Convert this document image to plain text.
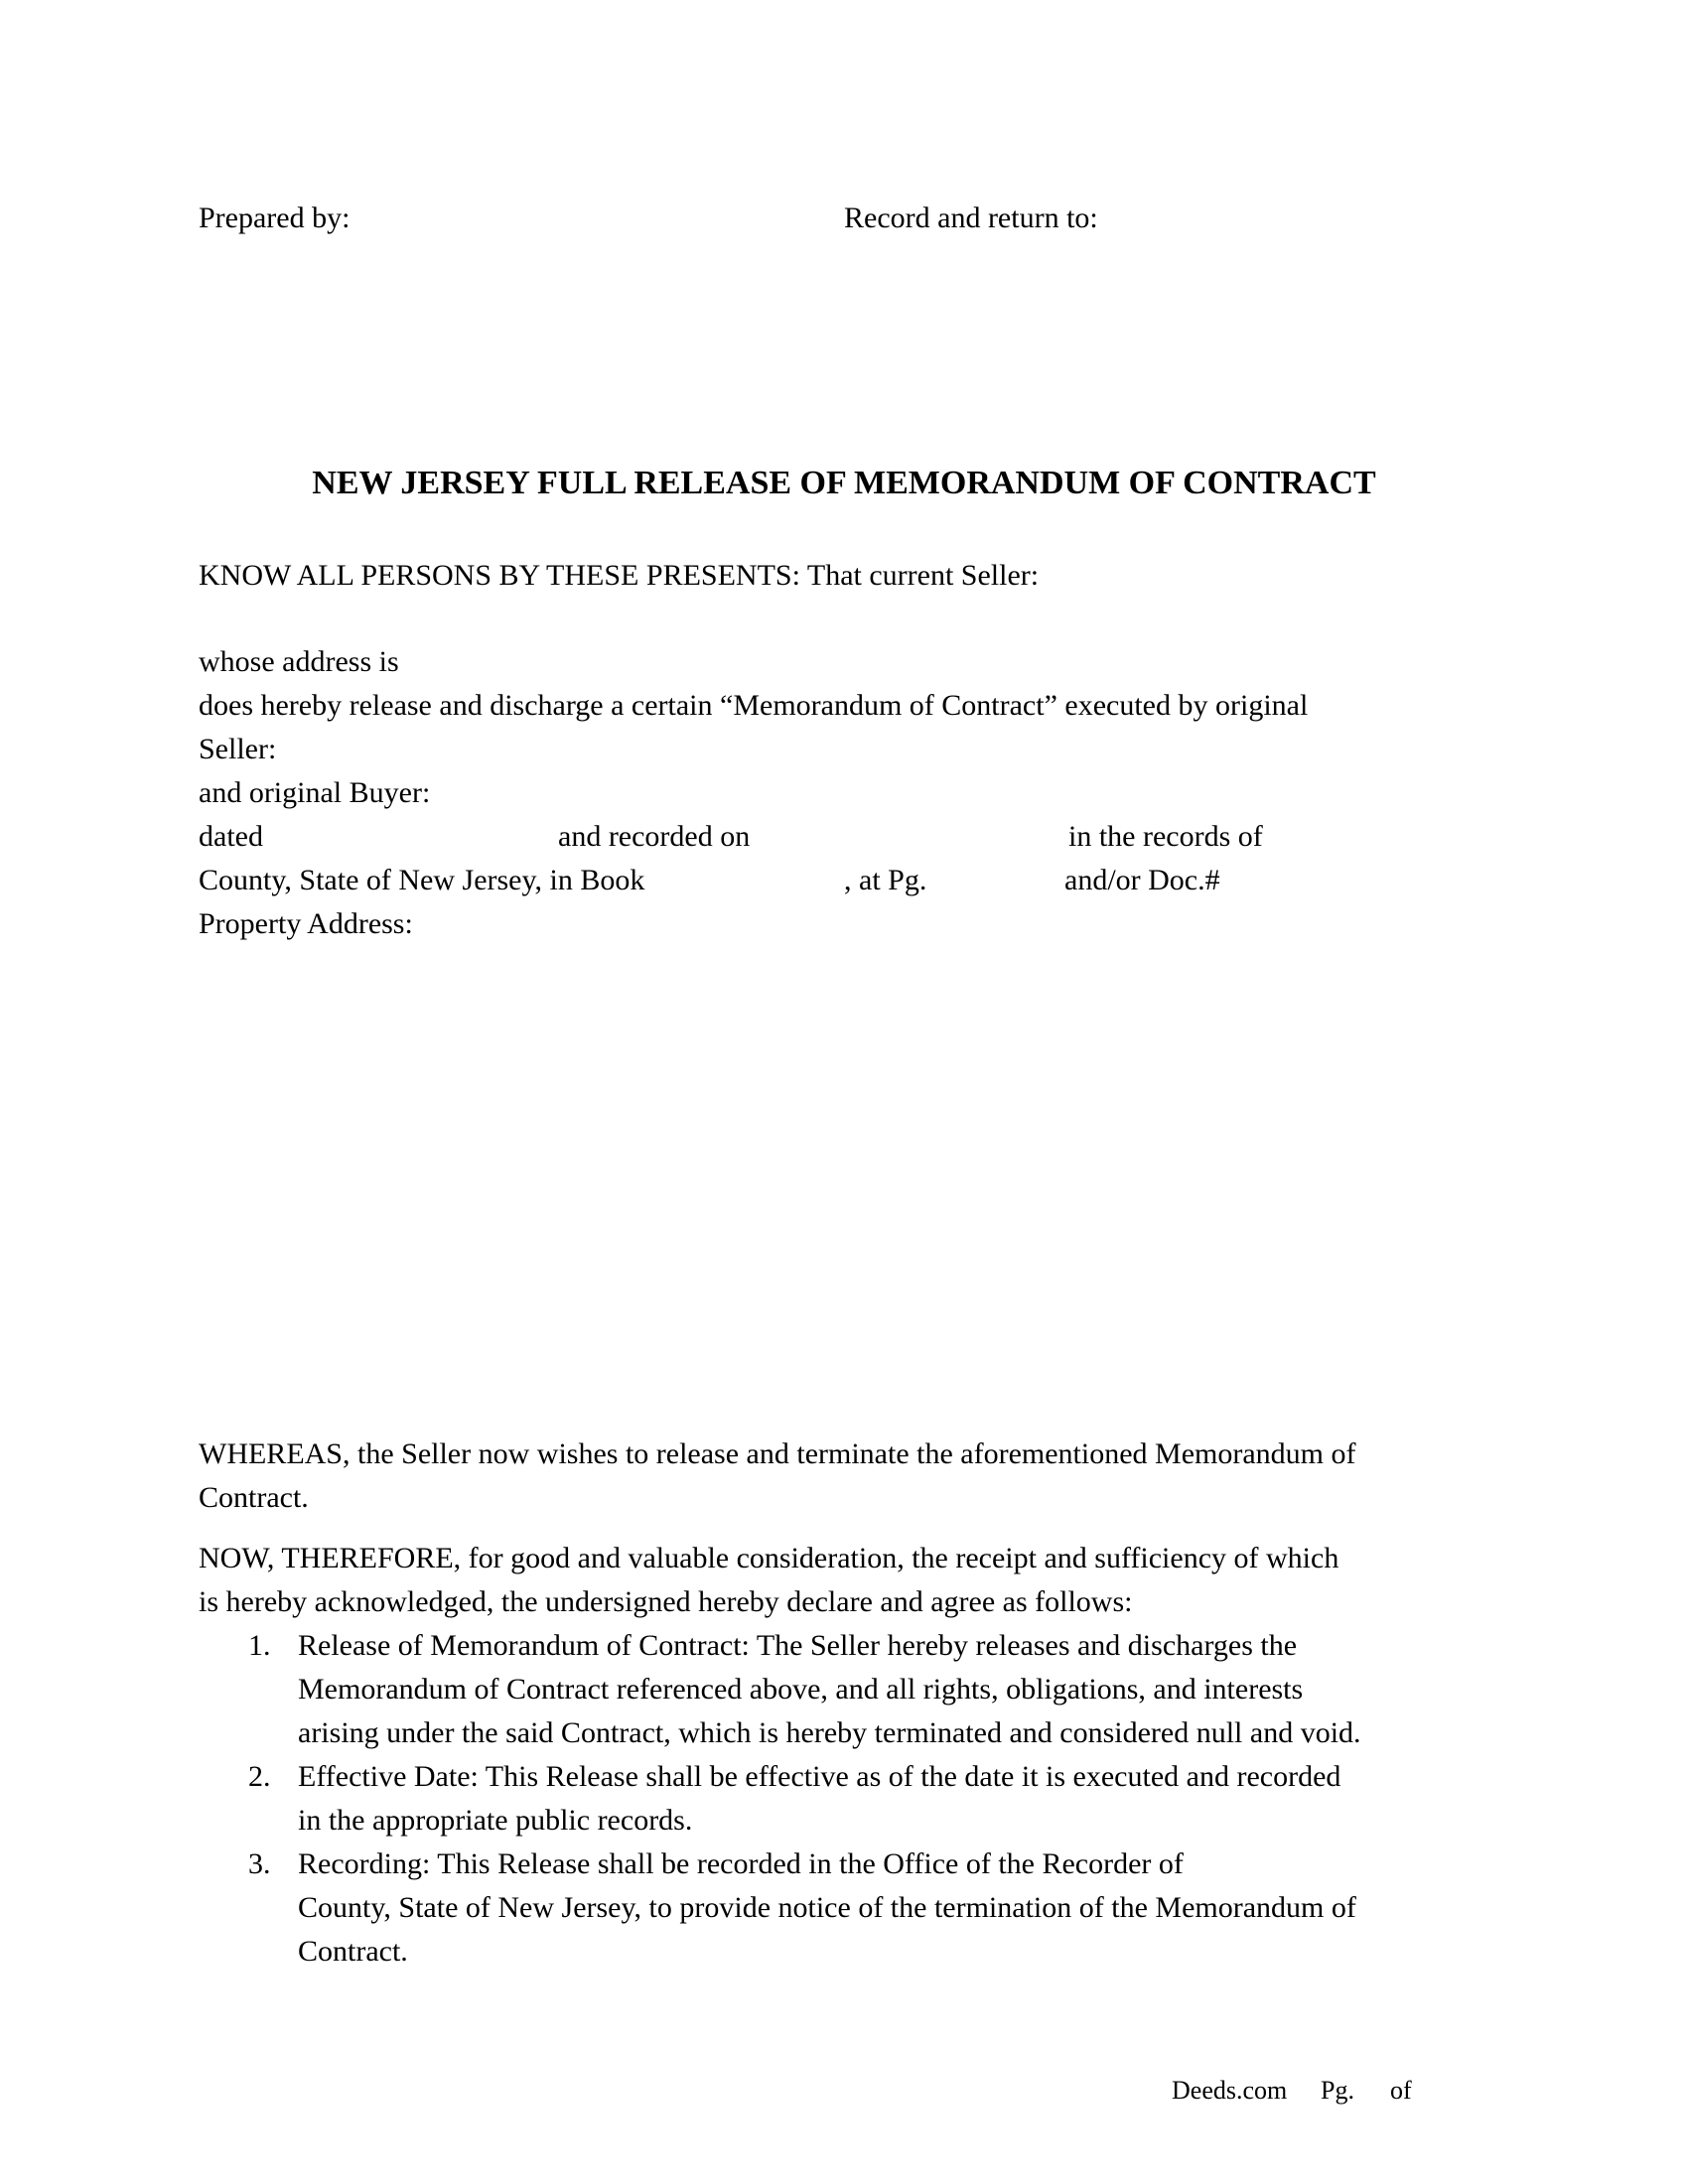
Prepared by:	Record and return to:
NEW JERSEY FULL RELEASE OF MEMORANDUM OF CONTRACT
KNOW ALL PERSONS BY THESE PRESENTS: That current Seller:
whose address is
does hereby release and discharge a certain “Memorandum of Contract” executed by original
Seller:
and original Buyer:
dated	and recorded on	in the records of
County, State of New Jersey, in Book	, at Pg.	and/or Doc.#
Property Address:
WHEREAS, the Seller now wishes to release and terminate the aforementioned Memorandum of
Contract.
NOW, THEREFORE, for good and valuable consideration, the receipt and sufficiency of which
is hereby acknowledged, the undersigned hereby declare and agree as follows:
1. Release of Memorandum of Contract: The Seller hereby releases and discharges the
Memorandum of Contract referenced above, and all rights, obligations, and interests
arising under the said Contract, which is hereby terminated and considered null and void.
2. Effective Date: This Release shall be effective as of the date it is executed and recorded
in the appropriate public records.
3. Recording: This Release shall be recorded in the Office of the Recorder of
County, State of New Jersey, to provide notice of the termination of the Memorandum of
Contract.
Deeds.com Pg. of
